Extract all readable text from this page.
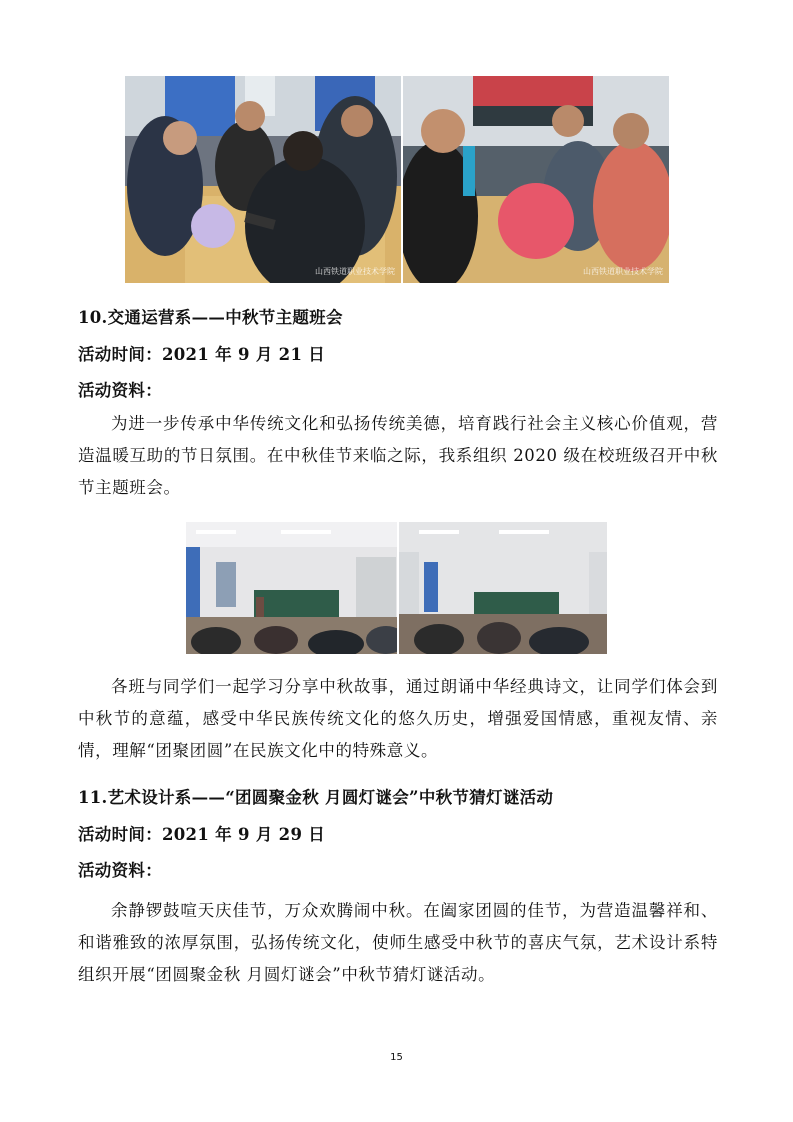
山西铁道职业技术学院	山西铁道职业技术学院
10.交通运营系——中秋节主题班会
活动时间：2021 年 9 月 21 日
活动资料：
为进一步传承中华传统文化和弘扬传统美德，培育践行社会主义核心价值观，营造温暖互助的节日氛围。在中秋佳节来临之际，我系组织 2020 级在校班级召开中秋节主题班会。
各班与同学们一起学习分享中秋故事，通过朗诵中华经典诗文，让同学们体会到中秋节的意蕴，感受中华民族传统文化的悠久历史，增强爱国情感，重视友情、亲情，理解“团聚团圆”在民族文化中的特殊意义。
11.艺术设计系——“团圆聚金秋 月圆灯谜会”中秋节猜灯谜活动
活动时间：2021 年 9 月 29 日
活动资料：
余静锣鼓喧天庆佳节，万众欢腾闹中秋。在阖家团圆的佳节，为营造温馨祥和、和谐雅致的浓厚氛围，弘扬传统文化，使师生感受中秋节的喜庆气氛，艺术设计系特组织开展“团圆聚金秋 月圆灯谜会”中秋节猜灯谜活动。
15
